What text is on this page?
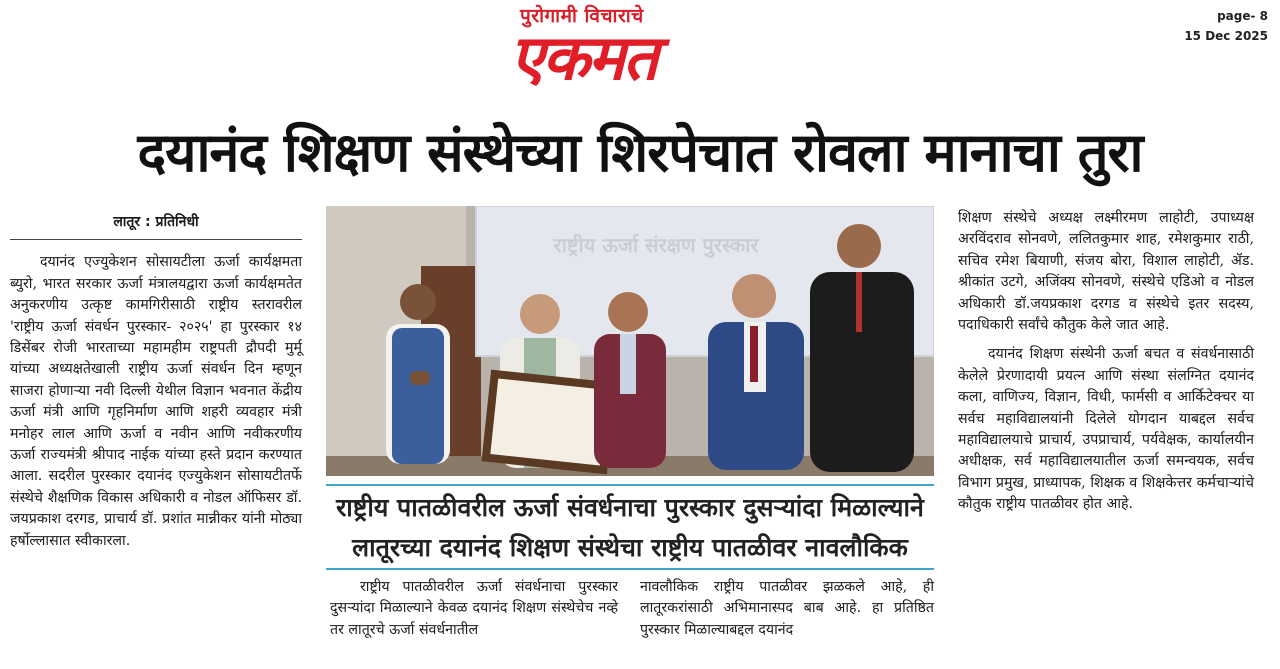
पुरोगामी विचाराचे
एकमत
page- 8
15 Dec 2025
दयानंद शिक्षण संस्थेच्या शिरपेचात रोवला मानाचा तुरा
लातूर : प्रतिनिधी

दयानंद एज्युकेशन सोसायटीला ऊर्जा कार्यक्षमता ब्युरो, भारत सरकार ऊर्जा मंत्रालयद्वारा ऊर्जा कार्यक्षमतेत अनुकरणीय उत्कृष्ट कामगिरीसाठी राष्ट्रीय स्तरावरील 'राष्ट्रीय ऊर्जा संवर्धन पुरस्कार- २०२५' हा पुरस्कार १४ डिसेंबर रोजी भारताच्या महामहीम राष्ट्रपती द्रौपदी मुर्मू यांच्या अध्यक्षतेखाली राष्ट्रीय ऊर्जा संवर्धन दिन म्हणून साजरा होणाऱ्या नवी दिल्ली येथील विज्ञान भवनात केंद्रीय ऊर्जा मंत्री आणि गृहनिर्माण आणि शहरी व्यवहार मंत्री मनोहर लाल आणि ऊर्जा व नवीन आणि नवीकरणीय ऊर्जा राज्यमंत्री श्रीपाद नाईक यांच्या हस्ते प्रदान करण्यात आला. सदरील पुरस्कार दयानंद एज्युकेशन सोसायटीतर्फे संस्थेचे शैक्षणिक विकास अधिकारी व नोडल ऑफिसर डॉ. जयप्रकाश दरगड, प्राचार्य डॉ. प्रशांत मान्नीकर यांनी मोठ्या हर्षोल्लासात स्वीकारला.

राष्ट्रीय ऊर्जा संरक्षण पुरस्कार
राष्ट्रीय पातळीवरील ऊर्जा संवर्धनाचा पुरस्कार दुसऱ्यांदा मिळाल्याने
लातूरच्या दयानंद शिक्षण संस्थेचा राष्ट्रीय पातळीवर नावलौकिक

राष्ट्रीय पातळीवरील ऊर्जा संवर्धनाचा पुरस्कार दुसऱ्यांदा मिळाल्याने केवळ दयानंद शिक्षण संस्थेचेच नव्हे तर लातूरचे ऊर्जा संवर्धनातील

नावलौकिक राष्ट्रीय पातळीवर झळकले आहे, ही लातूरकरांसाठी अभिमानास्पद बाब आहे. हा प्रतिष्ठित पुरस्कार मिळाल्याबद्दल दयानंद

शिक्षण संस्थेचे अध्यक्ष लक्ष्मीरमण लाहोटी, उपाध्यक्ष अरविंदराव सोनवणे, ललितकुमार शाह, रमेशकुमार राठी, सचिव रमेश बियाणी, संजय बोरा, विशाल लाहोटी, ॲड. श्रीकांत उटगे, अजिंक्य सोनवणे, संस्थेचे एडिओ व नोडल अधिकारी डॉ.जयप्रकाश दरगड व संस्थेचे इतर सदस्य, पदाधिकारी सर्वांचे कौतुक केले जात आहे.

दयानंद शिक्षण संस्थेनी ऊर्जा बचत व संवर्धनासाठी केलेले प्रेरणादायी प्रयत्न आणि संस्था संलग्नित दयानंद कला, वाणिज्य, विज्ञान, विधी, फार्मसी व आर्किटेक्चर या सर्वच महाविद्यालयांनी दिलेले योगदान याबद्दल सर्वच महाविद्यालयाचे प्राचार्य, उपप्राचार्य, पर्यवेक्षक, कार्यालयीन अधीक्षक, सर्व महाविद्यालयातील ऊर्जा समन्वयक, सर्वच विभाग प्रमुख, प्राध्यापक, शिक्षक व शिक्षकेत्तर कर्मचाऱ्यांचे कौतुक राष्ट्रीय पातळीवर होत आहे.
